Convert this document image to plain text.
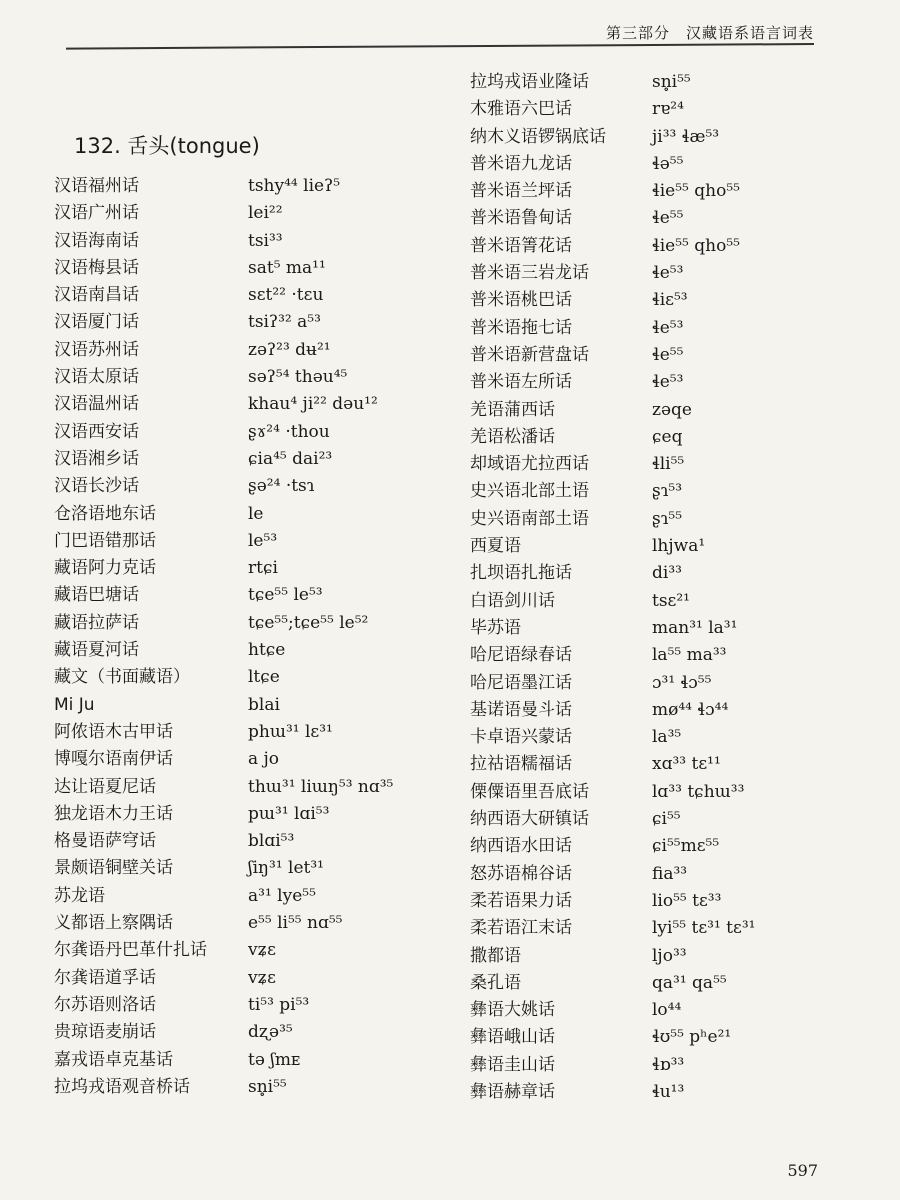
第三部分　汉藏语系语言词表
132. 舌头(tongue)
汉语福州话	tshy⁴⁴ lieʔ⁵
汉语广州话	lei²²
汉语海南话	tsi³³
汉语梅县话	sat⁵ ma¹¹
汉语南昌话	sɛt²² ·tɛu
汉语厦门话	tsiʔ³² a⁵³
汉语苏州话	zəʔ²³ dʉ²¹
汉语太原话	səʔ⁵⁴ thəu⁴⁵
汉语温州话	khau⁴ ji²² dəu¹²
汉语西安话	ʂɤ²⁴ ·thou
汉语湘乡话	ɕia⁴⁵ dai²³
汉语长沙话	ʂə²⁴ ·tsɿ
仓洛语地东话	le
门巴语错那话	le⁵³
藏语阿力克话	rtɕi
藏语巴塘话	tɕe⁵⁵ le⁵³
藏语拉萨话	tɕe⁵⁵;tɕe⁵⁵ le⁵²
藏语夏河话	htɕe
藏文（书面藏语）	ltɕe
Mi Ju	blai
阿侬语木古甲话	phɯ³¹ lɛ³¹
博嘎尔语南伊话	a jo
达让语夏尼话	thɯ³¹ liɯŋ⁵³ nɑ³⁵
独龙语木力王话	pɯ³¹ lɑi⁵³
格曼语萨穹话	blɑi⁵³
景颇语铜壁关话	ʃiŋ³¹ let³¹
苏龙语	a³¹ lye⁵⁵
义都语上察隅话	e⁵⁵ li⁵⁵ nɑ⁵⁵
尔龚语丹巴革什扎话 vʑɛ
尔龚语道孚话	vʑɛ
尔苏语则洛话	ti⁵³ pi⁵³
贵琼语麦崩话	dʐə³⁵
嘉戎语卓克基话	tə ʃmᴇ
拉坞戎语观音桥话	sn̥i⁵⁵
拉坞戎语业隆话	sn̥i⁵⁵
木雅语六巴话	rɐ²⁴
纳木义语锣锅底话	ji³³ ɬæ⁵³
普米语九龙话	ɬə⁵⁵
普米语兰坪话	ɬie⁵⁵ qho⁵⁵
普米语鲁甸话	ɬe⁵⁵
普米语箐花话	ɬie⁵⁵ qho⁵⁵
普米语三岩龙话	ɬe⁵³
普米语桃巴话	ɬiɛ⁵³
普米语拖七话	ɬe⁵³
普米语新营盘话	ɬe⁵⁵
普米语左所话	ɬe⁵³
羌语蒲西话	zəqe
羌语松潘话	ɕeq
却域语尤拉西话	ɬli⁵⁵
史兴语北部土语	ʂɿ⁵³
史兴语南部土语	ʂɿ⁵⁵
西夏语	lhjwa¹
扎坝语扎拖话	di³³
白语剑川话	tsɛ²¹
毕苏语	man³¹ la³¹
哈尼语绿春话	la⁵⁵ ma³³
哈尼语墨江话	ɔ³¹ ɬɔ⁵⁵
基诺语曼斗话	mø⁴⁴ ɬɔ⁴⁴
卡卓语兴蒙话	la³⁵
拉祜语糯福话	xɑ³³ tɛ¹¹
傈僳语里吾底话	lɑ³³ tɕhɯ³³
纳西语大研镇话	ɕi⁵⁵
纳西语水田话	ɕi⁵⁵mɛ⁵⁵
怒苏语棉谷话	fia³³
柔若语果力话	lio⁵⁵ tɛ³³
柔若语江末话	lyi⁵⁵ tɛ³¹ tɛ³¹
撒都语	ljo³³
桑孔语	qa³¹ qa⁵⁵
彝语大姚话	lo⁴⁴
彝语峨山话	ɬʊ⁵⁵ pʰe²¹
彝语圭山话	ɬɒ³³
彝语赫章话	ɬu¹³
597
